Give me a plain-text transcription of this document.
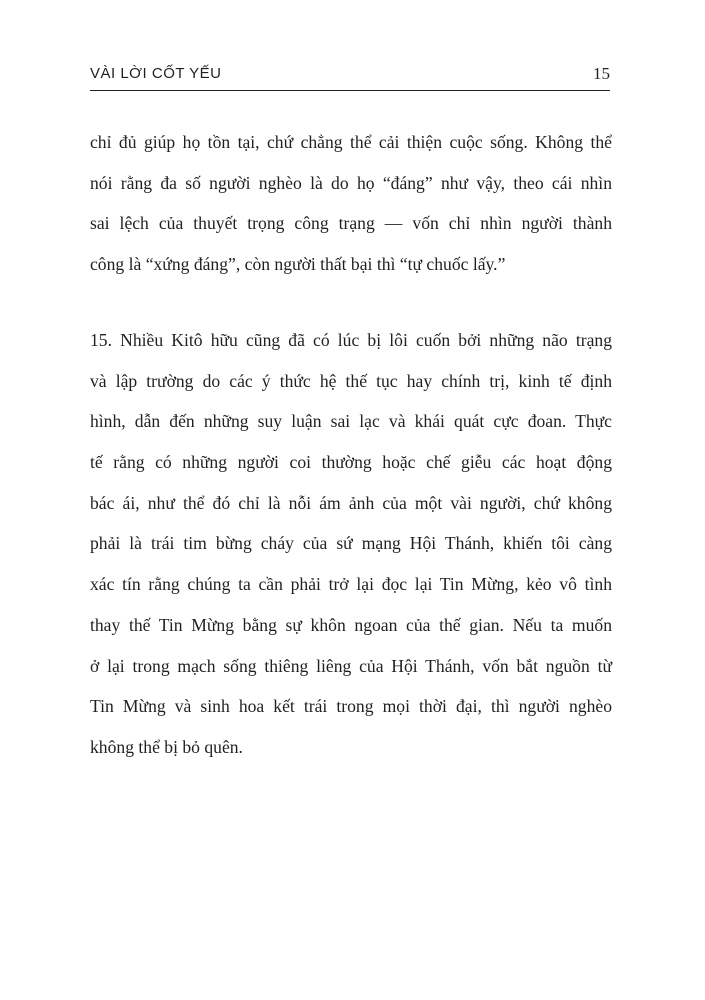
VÀI LỜI CỐT YẾU	15
chỉ đủ giúp họ tồn tại, chứ chẳng thể cải thiện cuộc sống. Không thể
nói rằng đa số người nghèo là do họ “đáng” như vậy, theo cái nhìn
sai lệch của thuyết trọng công trạng — vốn chỉ nhìn người thành
công là “xứng đáng”, còn người thất bại thì “tự chuốc lấy.”
15. Nhiều Kitô hữu cũng đã có lúc bị lôi cuốn bởi những não trạng
và lập trường do các ý thức hệ thế tục hay chính trị, kinh tế định
hình, dẫn đến những suy luận sai lạc và khái quát cực đoan. Thực
tế rằng có những người coi thường hoặc chế giễu các hoạt động
bác ái, như thể đó chỉ là nỗi ám ảnh của một vài người, chứ không
phải là trái tim bừng cháy của sứ mạng Hội Thánh, khiến tôi càng
xác tín rằng chúng ta cần phải trở lại đọc lại Tin Mừng, kẻo vô tình
thay thế Tin Mừng bằng sự khôn ngoan của thế gian. Nếu ta muốn
ở lại trong mạch sống thiêng liêng của Hội Thánh, vốn bắt nguồn từ
Tin Mừng và sinh hoa kết trái trong mọi thời đại, thì người nghèo
không thể bị bỏ quên.
